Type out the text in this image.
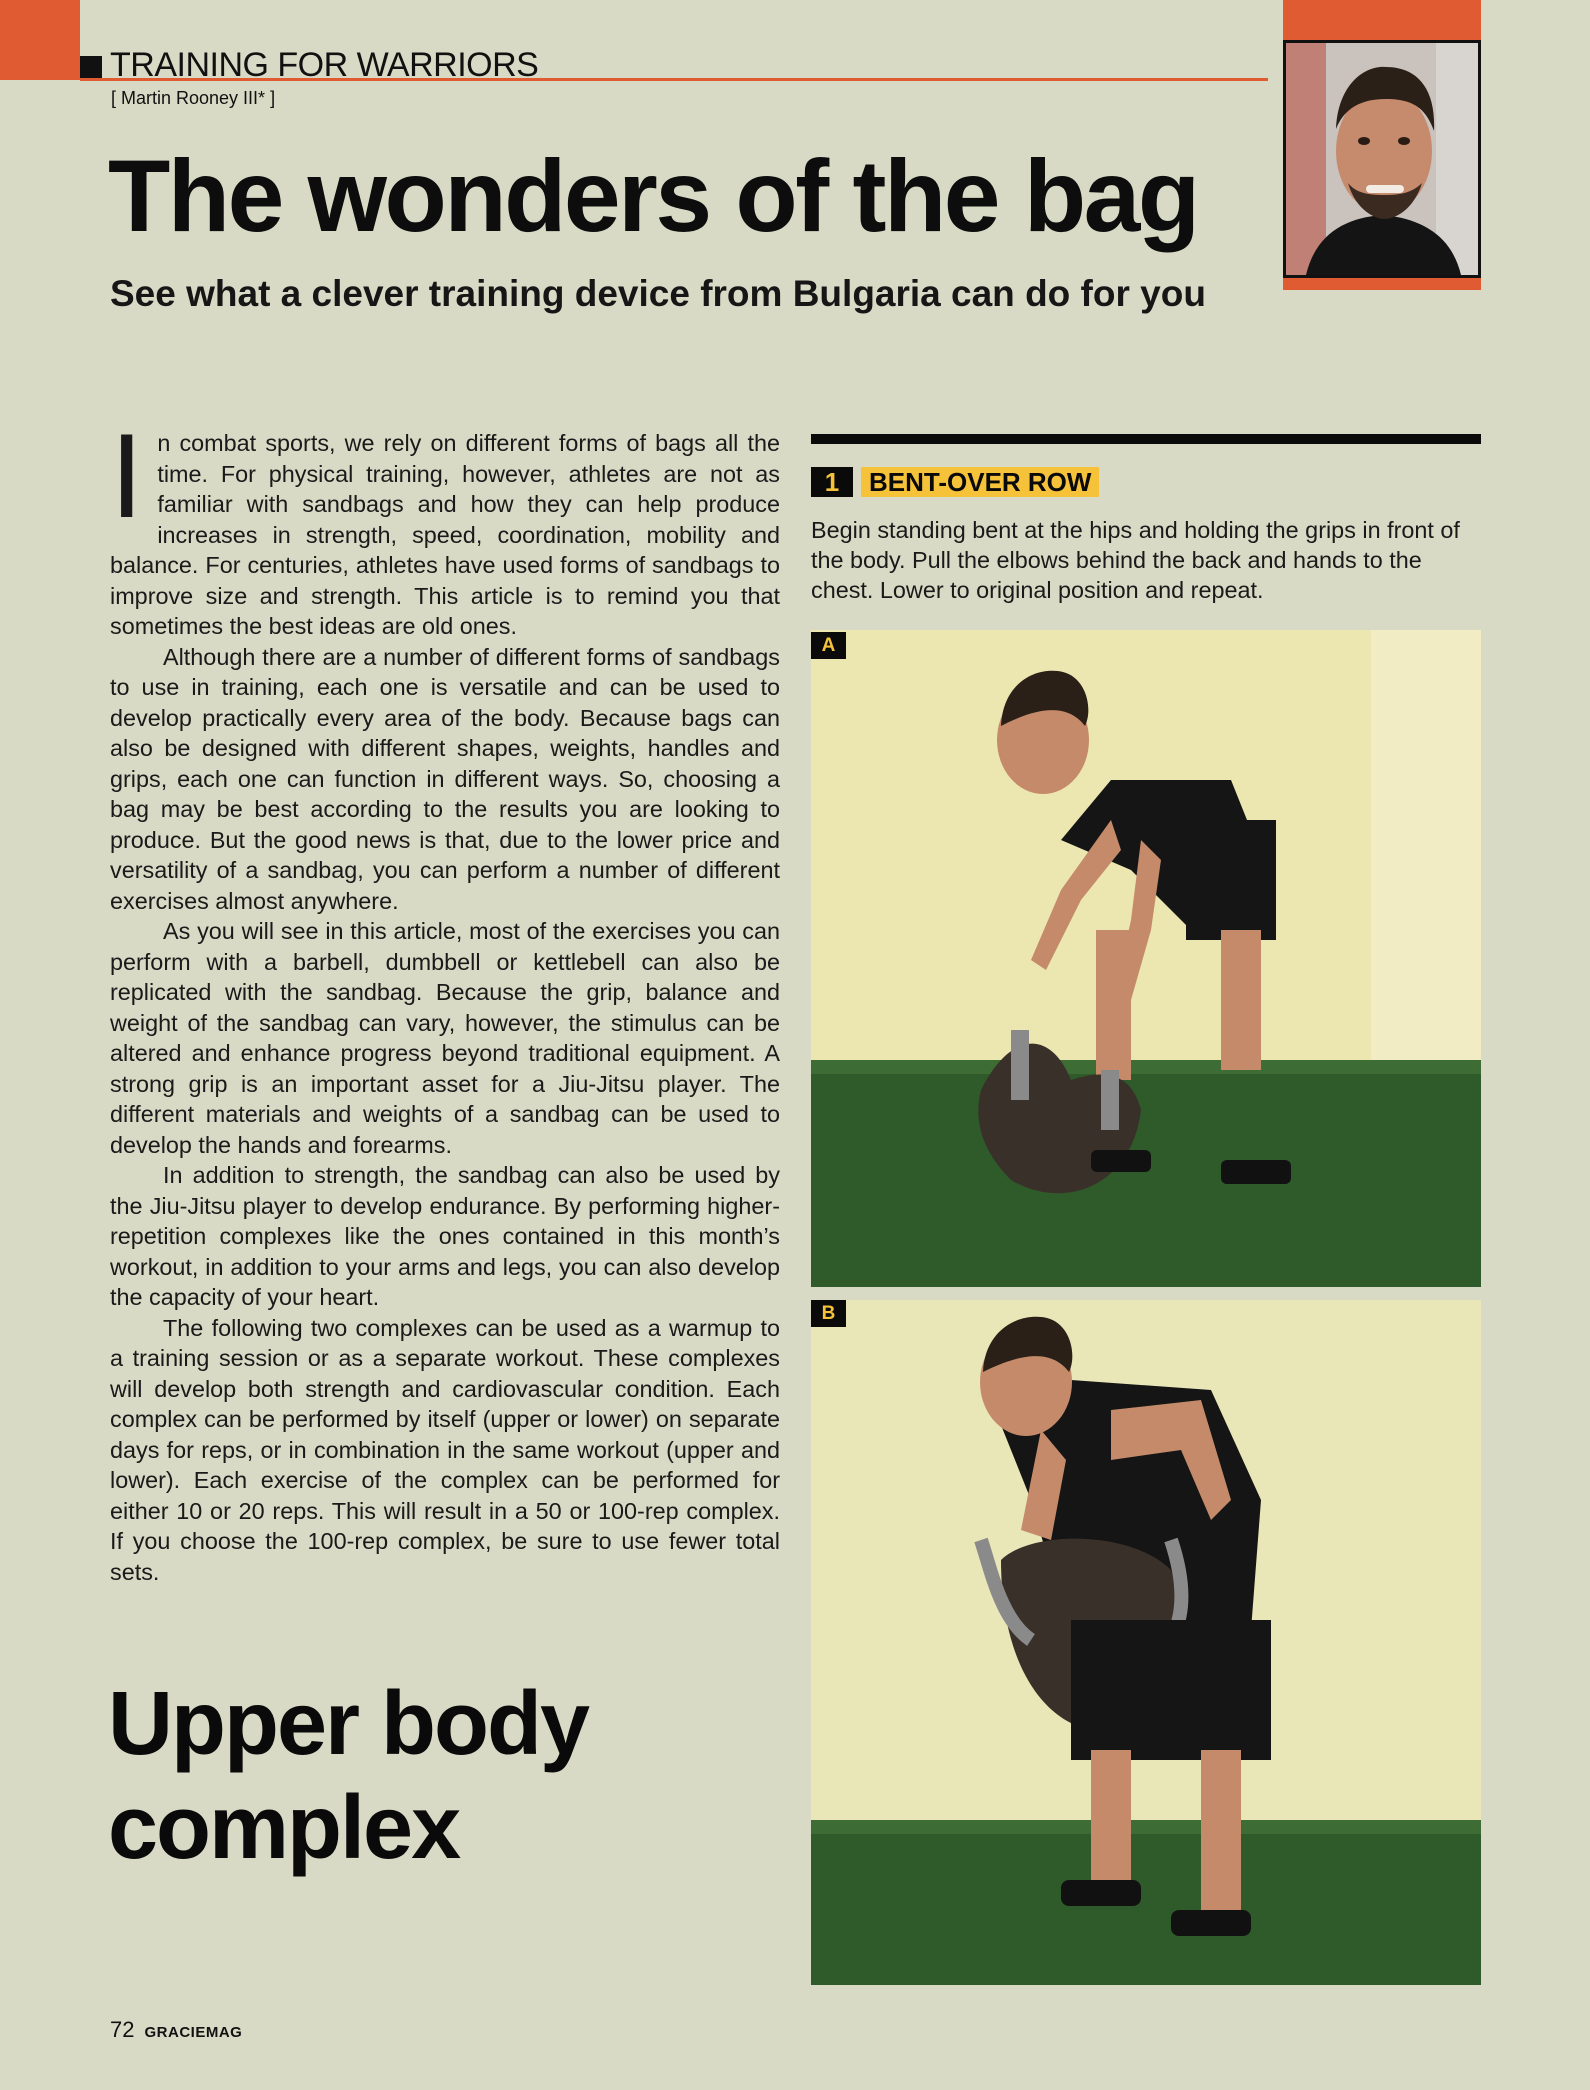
TRAINING FOR WARRIORS
[ Martin Rooney III* ]
The wonders of the bag
See what a clever training device from Bulgaria can do for you

In combat sports, we rely on different forms of bags all the time. For physical training, however, athletes are not as familiar with sandbags and how they can help produce increases in strength, speed, coordination, mobility and balance. For centuries, athletes have used forms of sandbags to improve size and strength. This article is to remind you that sometimes the best ideas are old ones.

Although there are a number of different forms of sandbags to use in training, each one is versatile and can be used to develop practically every area of the body. Because bags can also be designed with different shapes, weights, handles and grips, each one can function in different ways. So, choosing a bag may be best according to the results you are looking to produce. But the good news is that, due to the lower price and versatility of a sandbag, you can perform a number of different exercises almost anywhere.

As you will see in this article, most of the exercises you can perform with a barbell, dumbbell or kettlebell can also be replicated with the sandbag. Because the grip, balance and weight of the sandbag can vary, however, the stimulus can be altered and enhance progress beyond traditional equipment. A strong grip is an important asset for a Jiu-Jitsu player. The different materials and weights of a sandbag can be used to develop the hands and forearms.

In addition to strength, the sandbag can also be used by the Jiu-Jitsu player to develop endurance. By performing higher-repetition complexes like the ones contained in this month’s workout, in addition to your arms and legs, you can also develop the capacity of your heart.

The following two complexes can be used as a warmup to a training session or as a separate workout. These complexes will develop both strength and cardiovascular condition. Each complex can be performed by itself (upper or lower) on separate days for reps, or in combination in the same workout (upper and lower). Each exercise of the complex can be performed for either 10 or 20 reps. This will result in a 50 or 100-rep complex. If you choose the 100-rep complex, be sure to use fewer total sets.

Upper body complex
72 GRACIEMAG
1	BENT-OVER ROW

Begin standing bent at the hips and holding the grips in front of the body. Pull the elbows behind the back and hands to the chest. Lower to original position and repeat.

A
B
